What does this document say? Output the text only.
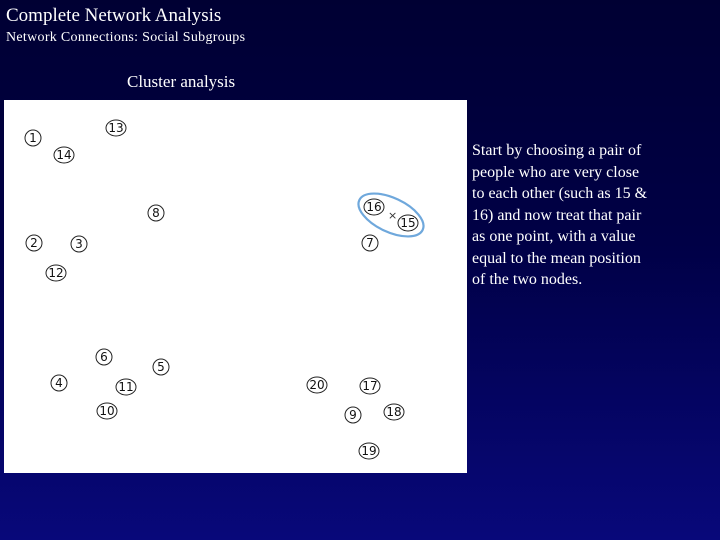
Complete Network Analysis
Network Connections: Social Subgroups
Cluster analysis
×
1
13
14
8
2	3
12
16
15
7
6
5
4	11
10
20	17
9 18
19
Start by choosing a pair of
people who are very close
to each other (such as 15 &
16) and now treat that pair
as one point, with a value
equal to the mean position
of the two nodes.
